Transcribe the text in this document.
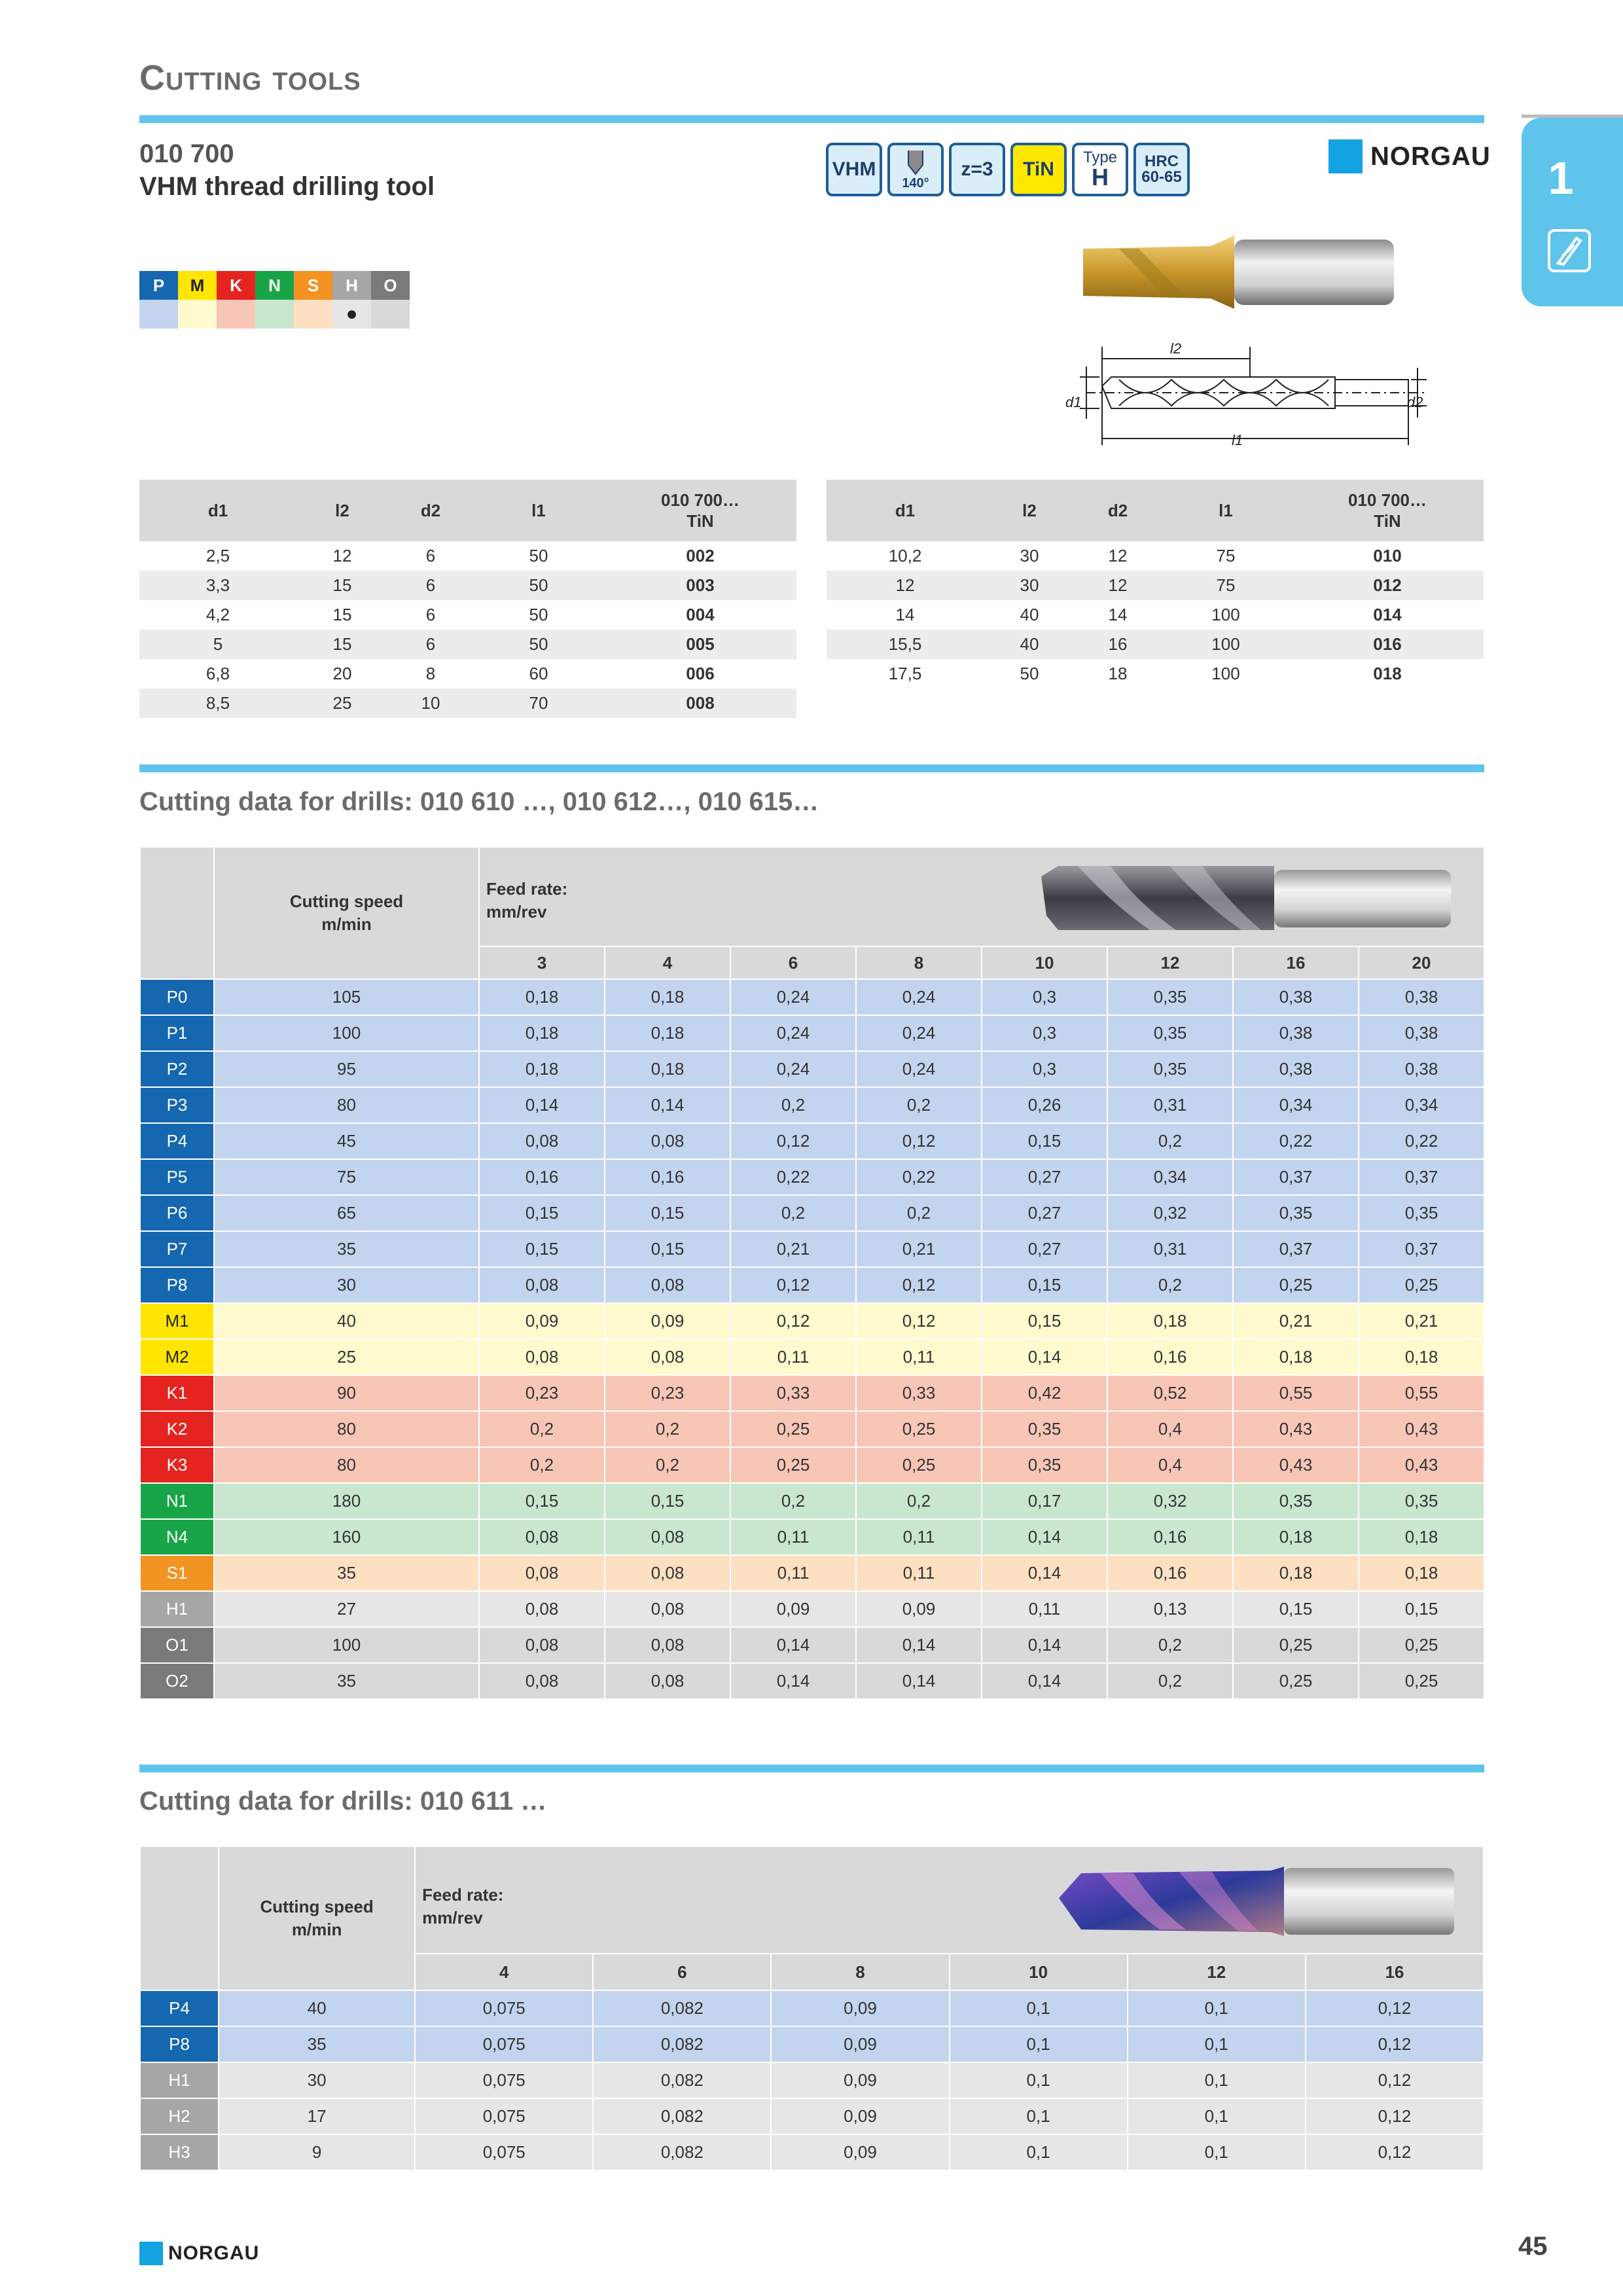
Cutting tools
1
010 700
VHM thread drilling tool
VHM
140°
z=3 TiN
Type
H
HRC
60-65
NORGAU
P	M	K	N	S	H	O
●
l2
l1
d1	d2
d1	l2	d2	l1	010 700…
TiN
2,5	12	6	50	002
3,3	15	6	50	003
4,2	15	6	50	004
5	15	6	50	005
6,8	20	8	60	006
8,5	25	10	70	008
d1	l2	d2	l1	010 700…
TiN
10,2	30	12	75	010
12	30	12	75	012
14	40	14	100	014
15,5	40	16	100	016
17,5	50	18	100	018
Cutting data for drills: 010 610 …, 010 612…, 010 615…
	Cutting speed
m/min	Feed rate:
mm/rev							

		3	4	6	8	10	12	16	20
P0	105	0,18	0,18	0,24	0,24	0,3	0,35	0,38	0,38
P1	100	0,18	0,18	0,24	0,24	0,3	0,35	0,38	0,38
P2	95	0,18	0,18	0,24	0,24	0,3	0,35	0,38	0,38
P3	80	0,14	0,14	0,2	0,2	0,26	0,31	0,34	0,34
P4	45	0,08	0,08	0,12	0,12	0,15	0,2	0,22	0,22
P5	75	0,16	0,16	0,22	0,22	0,27	0,34	0,37	0,37
P6	65	0,15	0,15	0,2	0,2	0,27	0,32	0,35	0,35
P7	35	0,15	0,15	0,21	0,21	0,27	0,31	0,37	0,37
P8	30	0,08	0,08	0,12	0,12	0,15	0,2	0,25	0,25
M1	40	0,09	0,09	0,12	0,12	0,15	0,18	0,21	0,21
M2	25	0,08	0,08	0,11	0,11	0,14	0,16	0,18	0,18
K1	90	0,23	0,23	0,33	0,33	0,42	0,52	0,55	0,55
K2	80	0,2	0,2	0,25	0,25	0,35	0,4	0,43	0,43
K3	80	0,2	0,2	0,25	0,25	0,35	0,4	0,43	0,43
N1	180	0,15	0,15	0,2	0,2	0,17	0,32	0,35	0,35
N4	160	0,08	0,08	0,11	0,11	0,14	0,16	0,18	0,18
S1	35	0,08	0,08	0,11	0,11	0,14	0,16	0,18	0,18
H1	27	0,08	0,08	0,09	0,09	0,11	0,13	0,15	0,15
O1	100	0,08	0,08	0,14	0,14	0,14	0,2	0,25	0,25
O2	35	0,08	0,08	0,14	0,14	0,14	0,2	0,25	0,25
Cutting data for drills: 010 611 …
	Cutting speed
m/min	Feed rate:
mm/rev					

		4	6	8	10	12	16
P4	40	0,075	0,082	0,09	0,1	0,1	0,12
P8	35	0,075	0,082	0,09	0,1	0,1	0,12
H1	30	0,075	0,082	0,09	0,1	0,1	0,12
H2	17	0,075	0,082	0,09	0,1	0,1	0,12
H3	9	0,075	0,082	0,09	0,1	0,1	0,12
NORGAU	45
